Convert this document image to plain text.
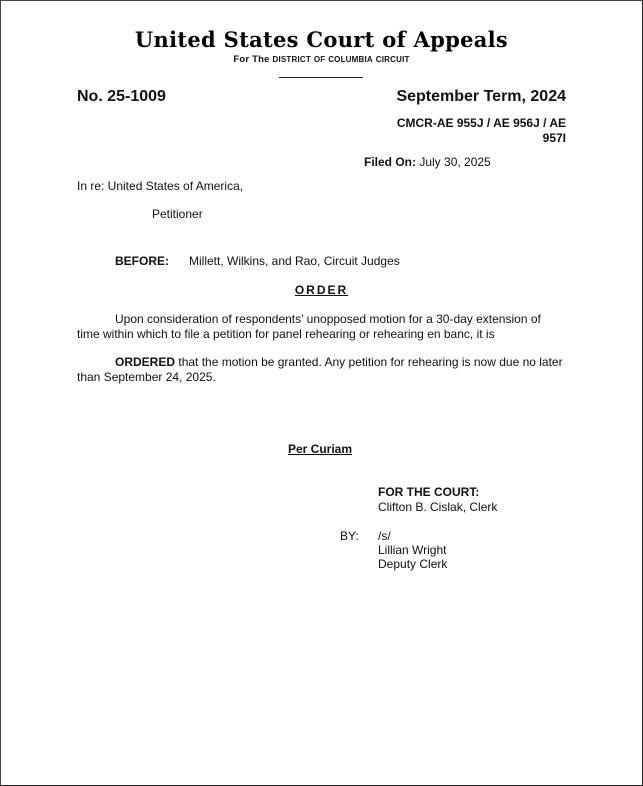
United States Court of Appeals
For The DISTRICT OF COLUMBIA CIRCUIT
No. 25-1009	September Term, 2024
CMCR-AE 955J / AE 956J / AE 957I
Filed On: July 30, 2025
In re: United States of America,
Petitioner
BEFORE: Millett, Wilkins, and Rao, Circuit Judges
ORDER
Upon consideration of respondents’ unopposed motion for a 30-day extension of time within which to file a petition for panel rehearing or rehearing en banc, it is
ORDERED that the motion be granted. Any petition for rehearing is now due no later than September 24, 2025.
Per Curiam
FOR THE COURT:
Clifton B. Cislak, Clerk
BY: /s/
Lillian Wright
Deputy Clerk
